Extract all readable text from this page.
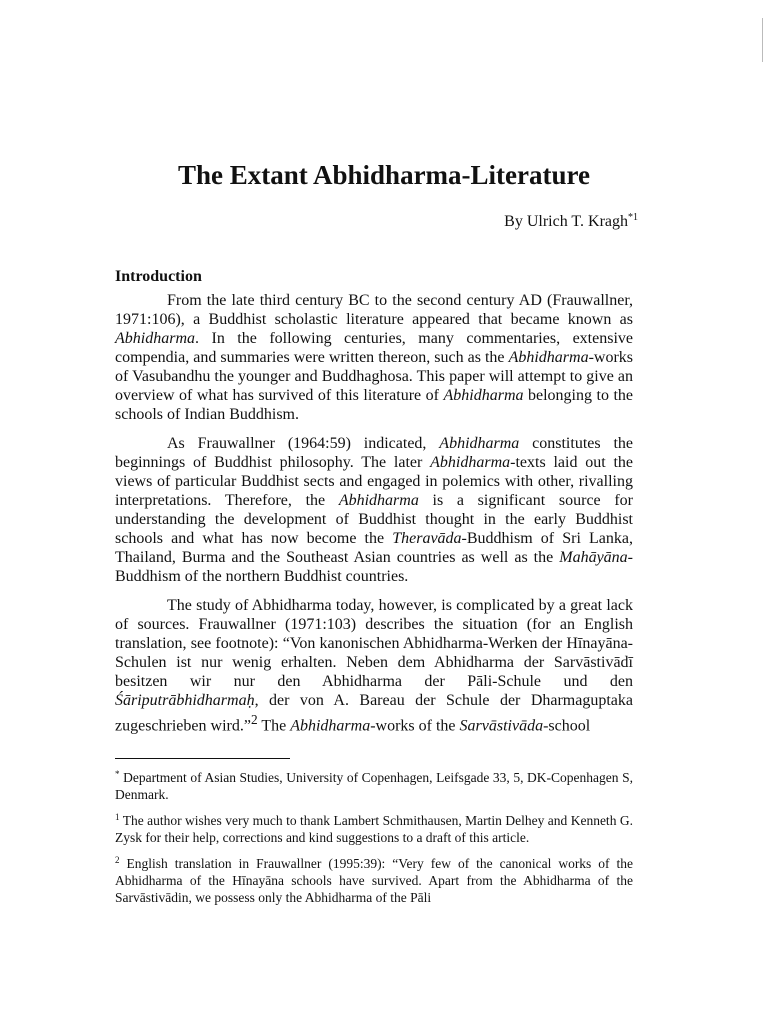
The Extant Abhidharma-Literature
By Ulrich T. Kragh$^{*1}$
Introduction

From the late third century BC to the second century AD (Frauwallner, 1971:106), a Buddhist scholastic literature appeared that became known as Abhidharma. In the following centuries, many commentaries, extensive compendia, and summaries were written thereon, such as the Abhidharma-works of Vasubandhu the younger and Buddhaghosa. This paper will attempt to give an overview of what has survived of this literature of Abhidharma belonging to the schools of Indian Buddhism.

As Frauwallner (1964:59) indicated, Abhidharma constitutes the beginnings of Buddhist philosophy. The later Abhidharma-texts laid out the views of particular Buddhist sects and engaged in polemics with other, rivalling interpretations. Therefore, the Abhidharma is a significant source for understanding the development of Buddhist thought in the early Buddhist schools and what has now become the Theravāda-Buddhism of Sri Lanka, Thailand, Burma and the Southeast Asian countries as well as the Mahāyāna-Buddhism of the northern Buddhist countries.

The study of Abhidharma today, however, is complicated by a great lack of sources. Frauwallner (1971:103) describes the situation (for an English translation, see footnote): “Von kanonischen Abhidharma-Werken der Hīnayāna-Schulen ist nur wenig erhalten. Neben dem Abhidharma der Sarvāstivādī besitzen wir nur den Abhidharma der Pāli-Schule und den Śāriputrābhidharmaḥ, der von A. Bareau der Schule der Dharmaguptaka zugeschrieben wird.”$^2$ The Abhidharma-works of the Sarvāstivāda-school

* Department of Asian Studies, University of Copenhagen, Leifsgade 33, 5, DK-Copenhagen S, Denmark.
$^1$ The author wishes very much to thank Lambert Schmithausen, Martin Delhey and Kenneth G. Zysk for their help, corrections and kind suggestions to a draft of this article.
$^2$ English translation in Frauwallner (1995:39): “Very few of the canonical works of the Abhidharma of the Hīnayāna schools have survived. Apart from the Abhidharma of the Sarvāstivādin, we possess only the Abhidharma of the Pāli
